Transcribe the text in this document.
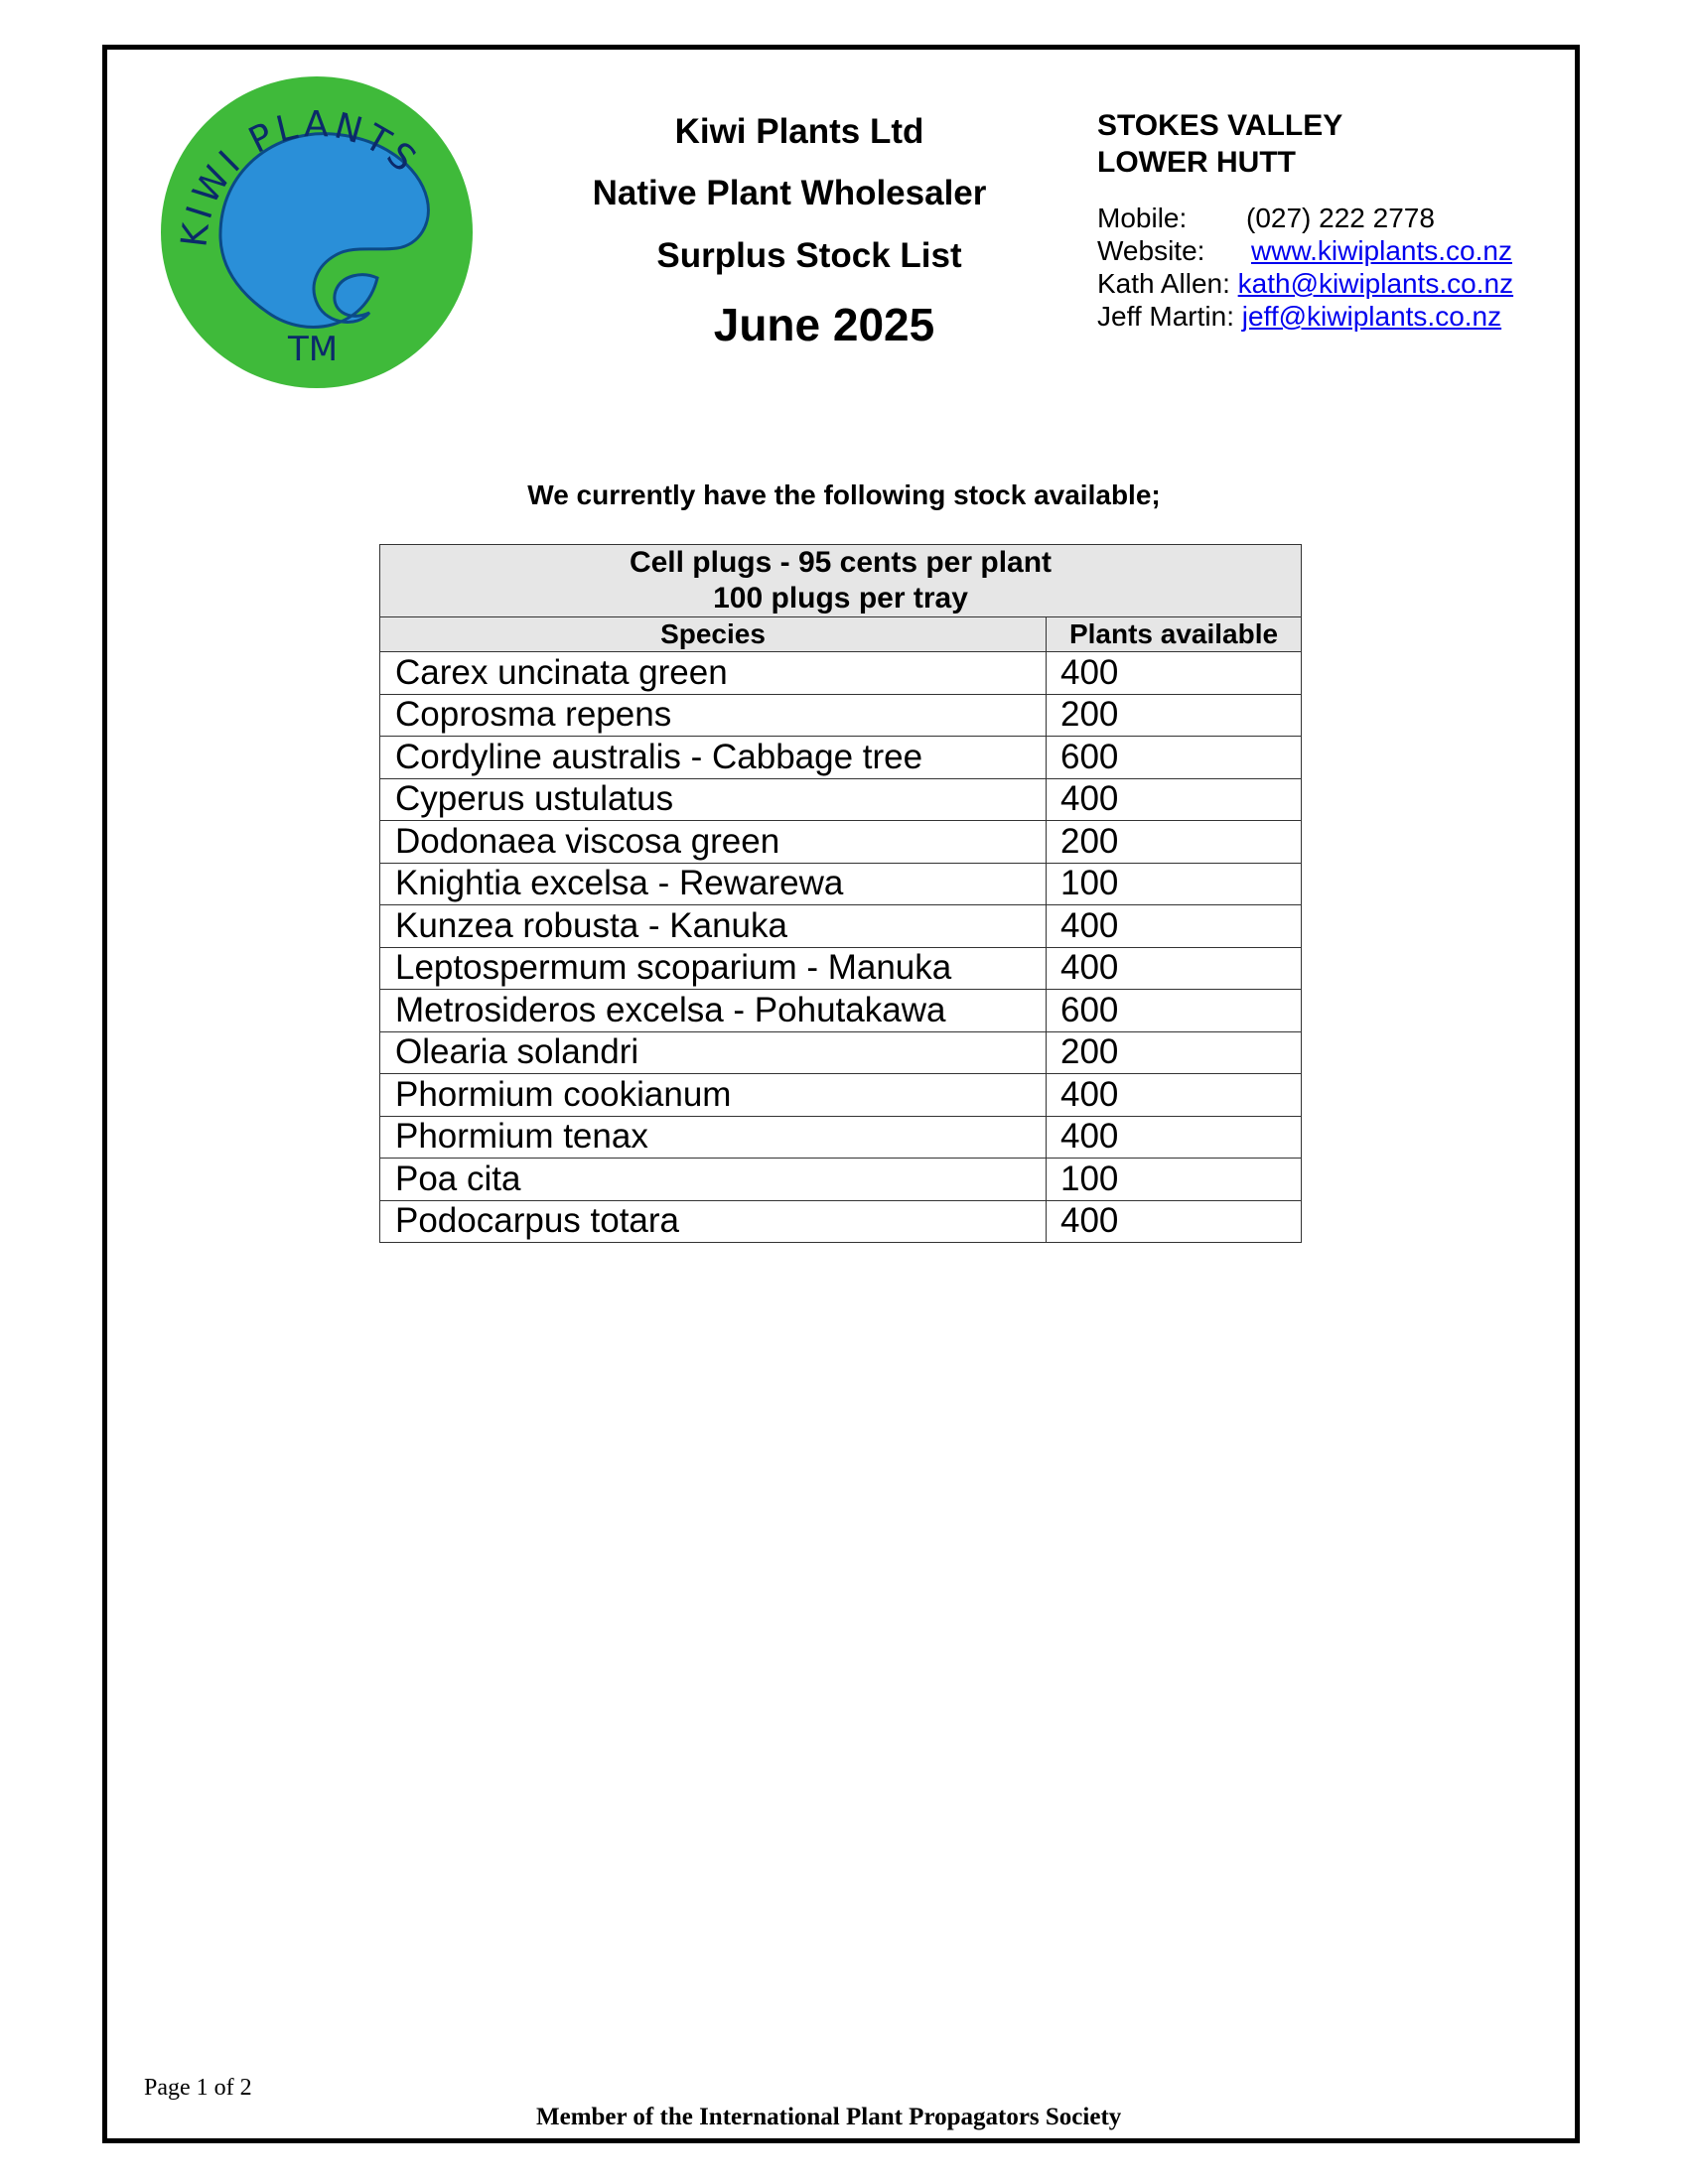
KIWI PLANTS
TM
Kiwi Plants Ltd
Native Plant Wholesaler
Surplus Stock List
June 2025
STOKES VALLEY
LOWER HUTT
Mobile: (027) 222 2778
Website: www.kiwiplants.co.nz
Kath Allen: kath@kiwiplants.co.nz
Jeff Martin: jeff@kiwiplants.co.nz
We currently have the following stock available;
Cell plugs - 95 cents per plant
100 plugs per tray	

Species	Plants available
Carex uncinata green	400
Coprosma repens	200
Cordyline australis - Cabbage tree	600
Cyperus ustulatus	400
Dodonaea viscosa green	200
Knightia excelsa - Rewarewa	100
Kunzea robusta - Kanuka	400
Leptospermum scoparium - Manuka	400
Metrosideros excelsa - Pohutakawa	600
Olearia solandri	200
Phormium cookianum	400
Phormium tenax	400
Poa cita	100
Podocarpus totara	400
Page 1 of 2
Member of the International Plant Propagators Society
